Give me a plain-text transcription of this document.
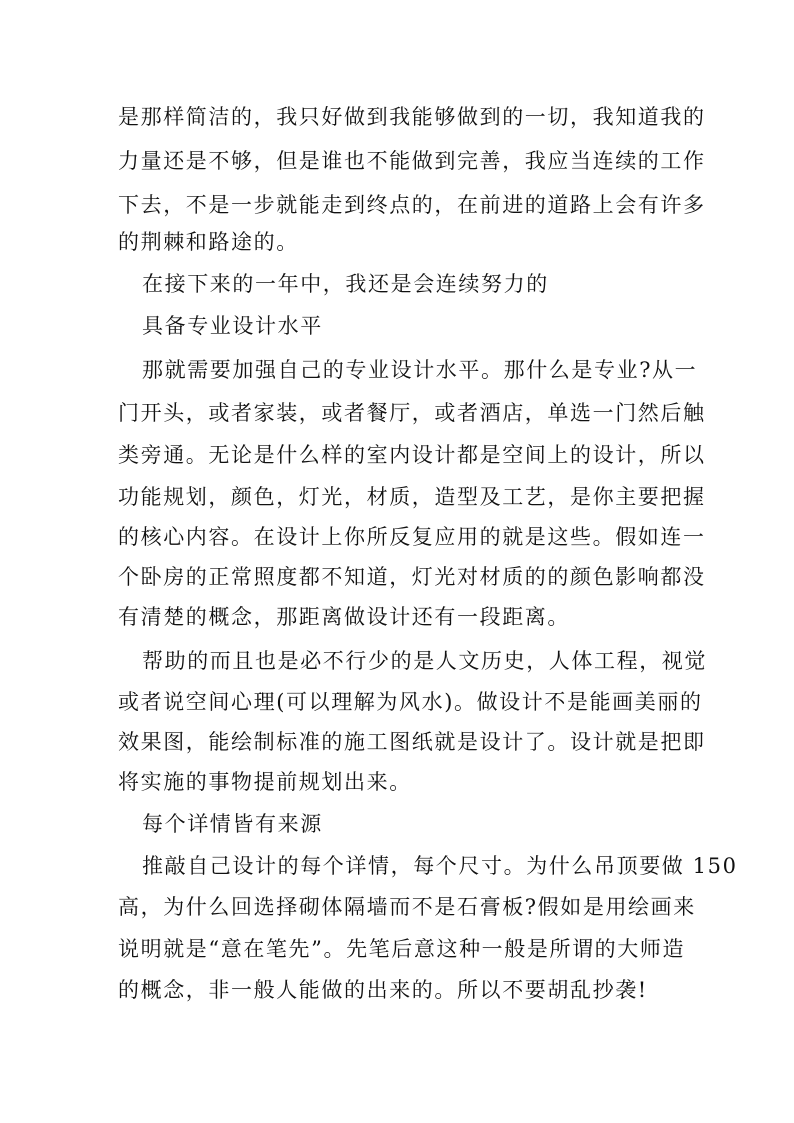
是那样简洁的，我只好做到我能够做到的一切，我知道我的
力量还是不够，但是谁也不能做到完善，我应当连续的工作
下去，不是一步就能走到终点的，在前进的道路上会有许多
的荆棘和路途的。
在接下来的一年中，我还是会连续努力的
具备专业设计水平
那就需要加强自己的专业设计水平。那什么是专业?从一
门开头，或者家装，或者餐厅，或者酒店，单选一门然后触
类旁通。无论是什么样的室内设计都是空间上的设计，所以
功能规划，颜色，灯光，材质，造型及工艺，是你主要把握
的核心内容。在设计上你所反复应用的就是这些。假如连一
个卧房的正常照度都不知道，灯光对材质的的颜色影响都没
有清楚的概念，那距离做设计还有一段距离。
帮助的而且也是必不行少的是人文历史，人体工程，视觉
或者说空间心理(可以理解为风水)。做设计不是能画美丽的
效果图，能绘制标准的施工图纸就是设计了。设计就是把即
将实施的事物提前规划出来。
每个详情皆有来源
推敲自己设计的每个详情，每个尺寸。为什么吊顶要做 150
高，为什么回选择砌体隔墙而不是石膏板?假如是用绘画来
说明就是“意在笔先”。先笔后意这种一般是所谓的大师造
的概念，非一般人能做的出来的。所以不要胡乱抄袭!
